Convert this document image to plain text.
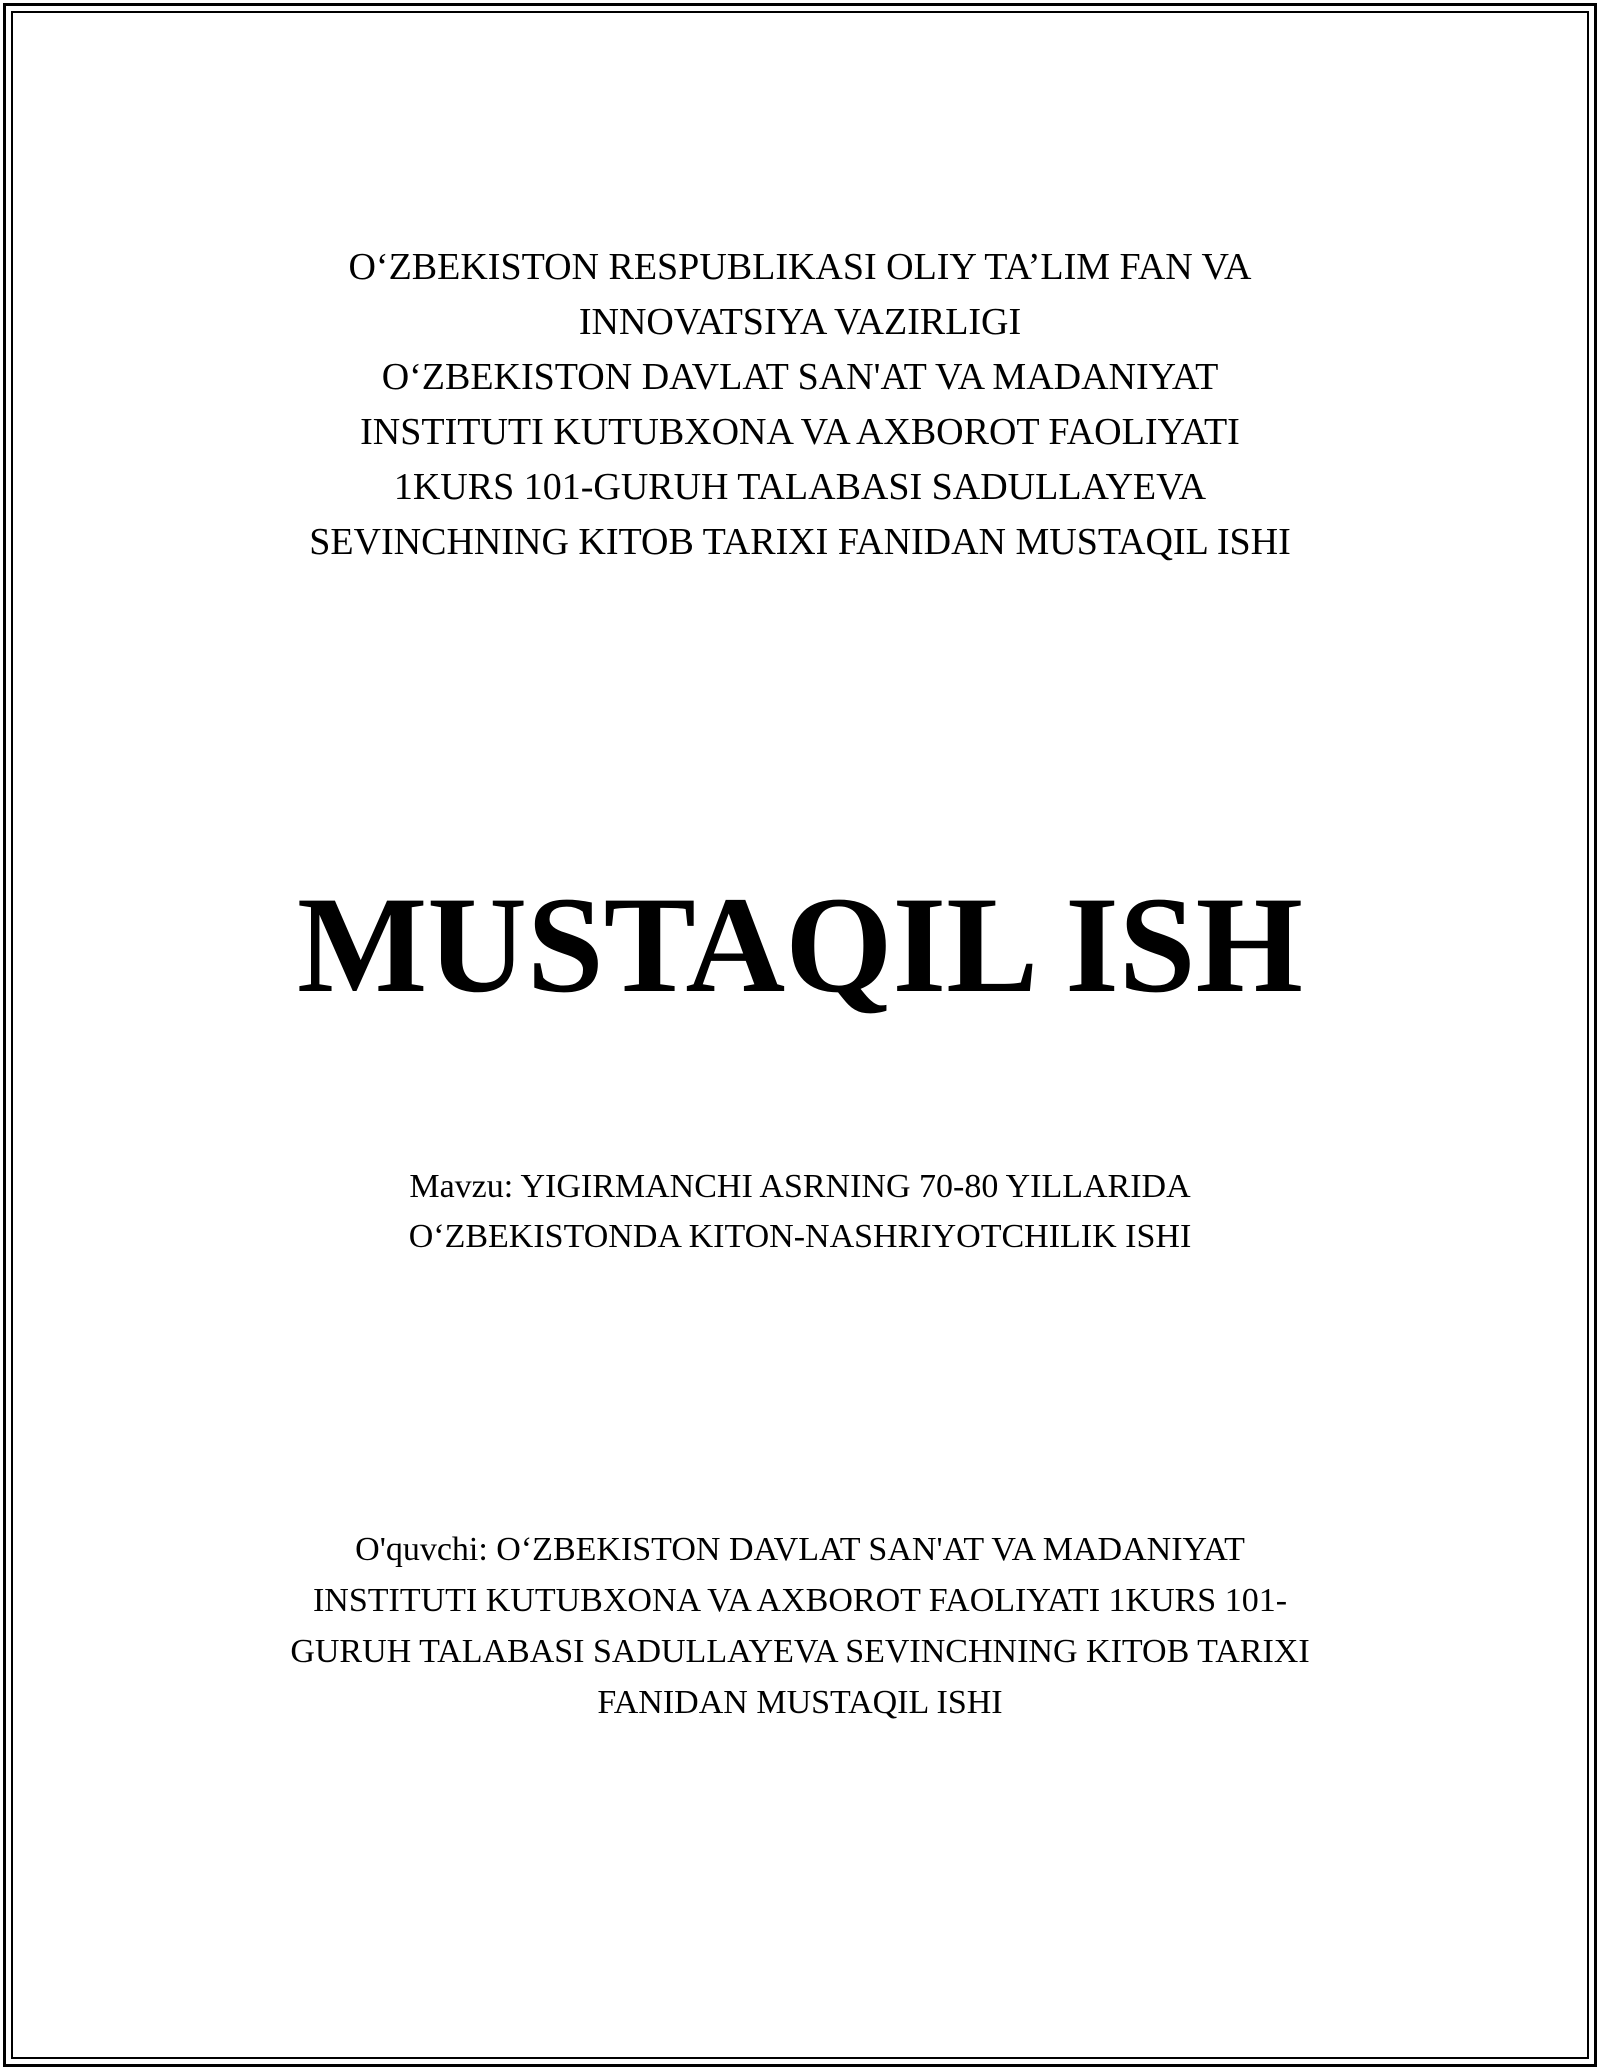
O‘ZBEKISTON RESPUBLIKASI OLIY TA’LIM FAN VA
INNOVATSIYA VAZIRLIGI
O‘ZBEKISTON DAVLAT SAN'AT VA MADANIYAT
INSTITUTI KUTUBXONA VA AXBOROT FAOLIYATI
1KURS 101-GURUH TALABASI SADULLAYEVA
SEVINCHNING KITOB TARIXI FANIDAN MUSTAQIL ISHI
MUSTAQIL ISH
Mavzu: YIGIRMANCHI ASRNING 70-80 YILLARIDA
O‘ZBEKISTONDA KITON-NASHRIYOTCHILIK ISHI
O'quvchi: O‘ZBEKISTON DAVLAT SAN'AT VA MADANIYAT
INSTITUTI KUTUBXONA VA AXBOROT FAOLIYATI 1KURS 101-
GURUH TALABASI SADULLAYEVA SEVINCHNING KITOB TARIXI
FANIDAN MUSTAQIL ISHI
